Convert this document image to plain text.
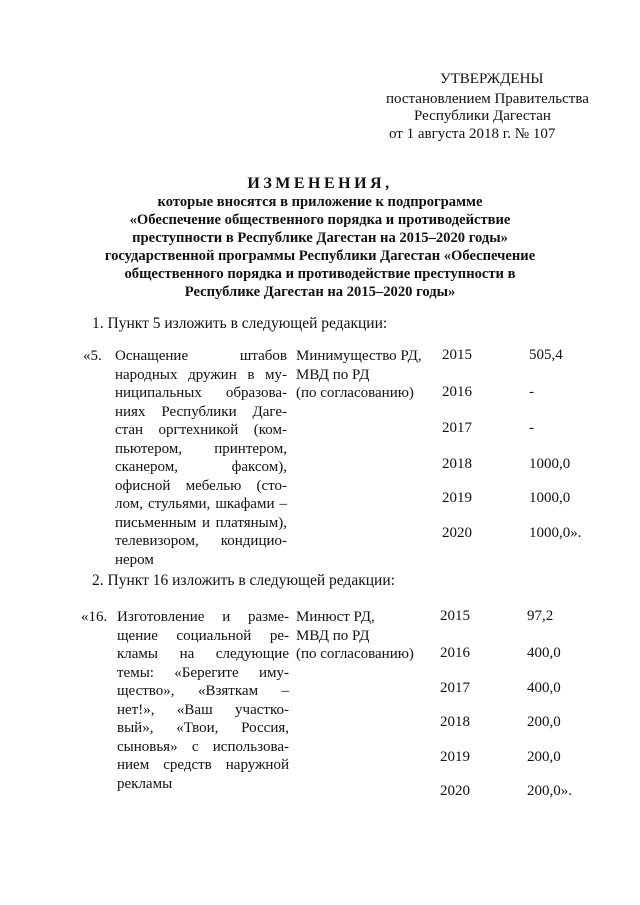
УТВЕРЖДЕНЫ
постановлением Правительства
Республики Дагестан
от 1 августа 2018 г. № 107
ИЗМЕНЕНИЯ,
которые вносятся в приложение к подпрограмме
«Обеспечение общественного порядка и противодействие
преступности в Республике Дагестан на 2015–2020 годы»
государственной программы Республики Дагестан «Обеспечение
общественного порядка и противодействие преступности в
Республике Дагестан на 2015–2020 годы»
1. Пункт 5 изложить в следующей редакции:
«5. Оснащение штабов
народных дружин в му-
ниципальных образова-
ниях Республики Даге-
стан оргтехникой (ком-
пьютером, принтером,
сканером, факсом),
офисной мебелью (сто-
лом, стульями, шкафами –
письменным и платяным),
телевизором, кондицио-
нером
Минимущество РД,
МВД по РД
(по согласованию)
2015	505,4
2016	-
2017	-
2018	1000,0
2019	1000,0
2020	1000,0».
2. Пункт 16 изложить в следующей редакции:
«16. Изготовление и разме-
щение социальной ре-
кламы на следующие
темы: «Берегите иму-
щество», «Взяткам –
нет!», «Ваш участко-
вый», «Твои, Россия,
сыновья» с использова-
нием средств наружной
рекламы
Минюст РД,
МВД по РД
(по согласованию)
2015	97,2
2016	400,0
2017	400,0
2018	200,0
2019	200,0
2020	200,0».
